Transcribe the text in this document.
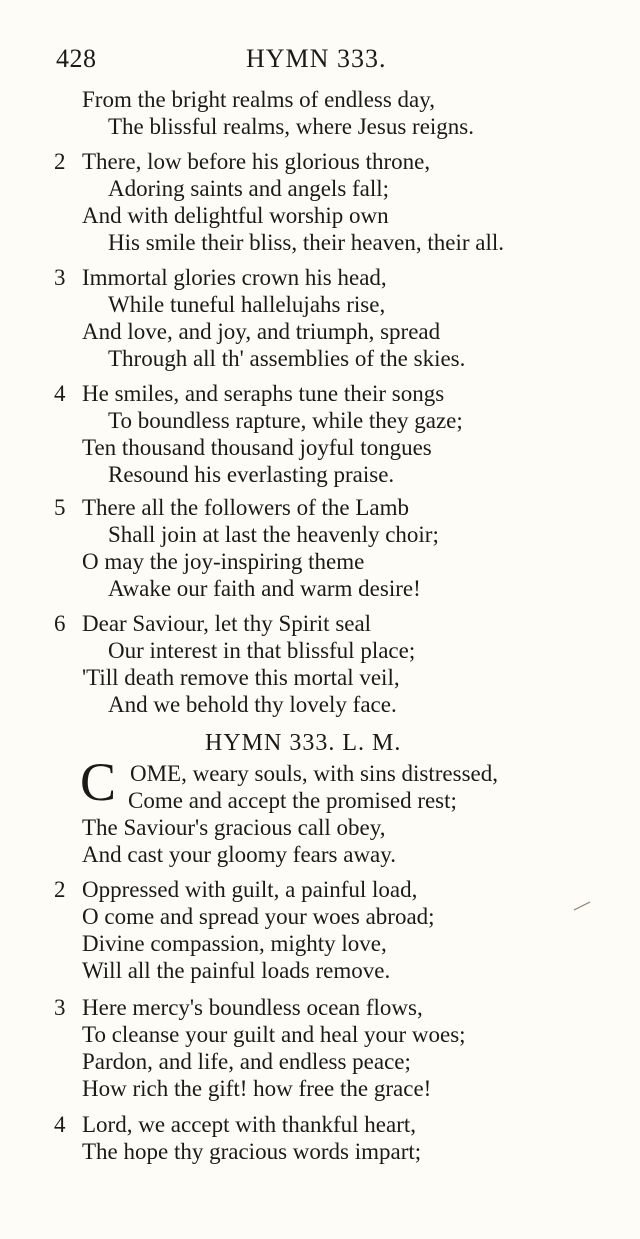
428	HYMN 333.
From the bright realms of endless day,
The blissful realms, where Jesus reigns.
2 There, low before his glorious throne,
Adoring saints and angels fall;
And with delightful worship own
His smile their bliss, their heaven, their all.
3 Immortal glories crown his head,
While tuneful hallelujahs rise,
And love, and joy, and triumph, spread
Through all th' assemblies of the skies.
4 He smiles, and seraphs tune their songs
To boundless rapture, while they gaze;
Ten thousand thousand joyful tongues
Resound his everlasting praise.
5 There all the followers of the Lamb
Shall join at last the heavenly choir;
O may the joy-inspiring theme
Awake our faith and warm desire!
6 Dear Saviour, let thy Spirit seal
Our interest in that blissful place;
'Till death remove this mortal veil,
And we behold thy lovely face.
HYMN 333. L. M.
C OME, weary souls, with sins distressed,
Come and accept the promised rest;
The Saviour's gracious call obey,
And cast your gloomy fears away.
2 Oppressed with guilt, a painful load,
O come and spread your woes abroad;
Divine compassion, mighty love,
Will all the painful loads remove.
3 Here mercy's boundless ocean flows,
To cleanse your guilt and heal your woes;
Pardon, and life, and endless peace;
How rich the gift! how free the grace!
4 Lord, we accept with thankful heart,
The hope thy gracious words impart;
